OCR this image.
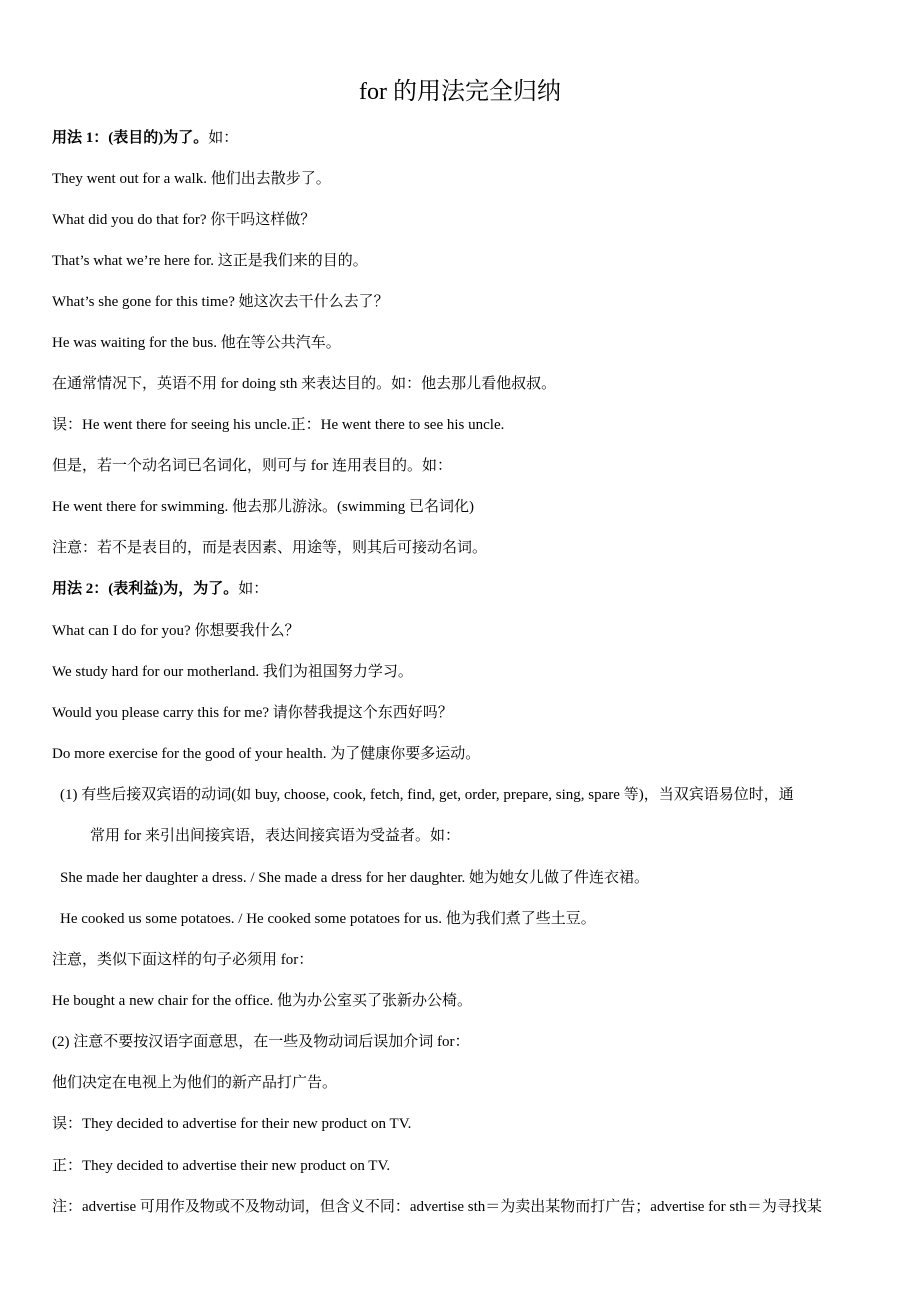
for 的用法完全归纳
用法 1：(表目的)为了。如：
They went out for a walk. 他们出去散步了。
What did you do that for? 你干吗这样做？
That’s what we’re here for. 这正是我们来的目的。
What’s she gone for this time? 她这次去干什么去了？
He was waiting for the bus. 他在等公共汽车。
在通常情况下，英语不用 for doing sth 来表达目的。如：他去那儿看他叔叔。
误：He went there for seeing his uncle.正：He went there to see his uncle.
但是，若一个动名词已名词化，则可与 for 连用表目的。如：
He went there for swimming. 他去那儿游泳。(swimming 已名词化)
注意：若不是表目的，而是表因素、用途等，则其后可接动名词。
用法 2：(表利益)为，为了。如：
What can I do for you? 你想要我什么？
We study hard for our motherland. 我们为祖国努力学习。
Would you please carry this for me? 请你替我提这个东西好吗？
Do more exercise for the good of your health. 为了健康你要多运动。
(1) 有些后接双宾语的动词(如 buy, choose, cook, fetch, find, get, order, prepare, sing, spare 等)，当双宾语易位时，通
常用 for 来引出间接宾语，表达间接宾语为受益者。如：
She made her daughter a dress. / She made a dress for her daughter. 她为她女儿做了件连衣裙。
He cooked us some potatoes. / He cooked some potatoes for us. 他为我们煮了些土豆。
注意，类似下面这样的句子必须用 for：
He bought a new chair for the office. 他为办公室买了张新办公椅。
(2) 注意不要按汉语字面意思，在一些及物动词后误加介词 for：
他们决定在电视上为他们的新产品打广告。
误：They decided to advertise for their new product on TV.
正：They decided to advertise their new product on TV.
注：advertise 可用作及物或不及物动词，但含义不同：advertise sth＝为卖出某物而打广告；advertise for sth＝为寻找某
